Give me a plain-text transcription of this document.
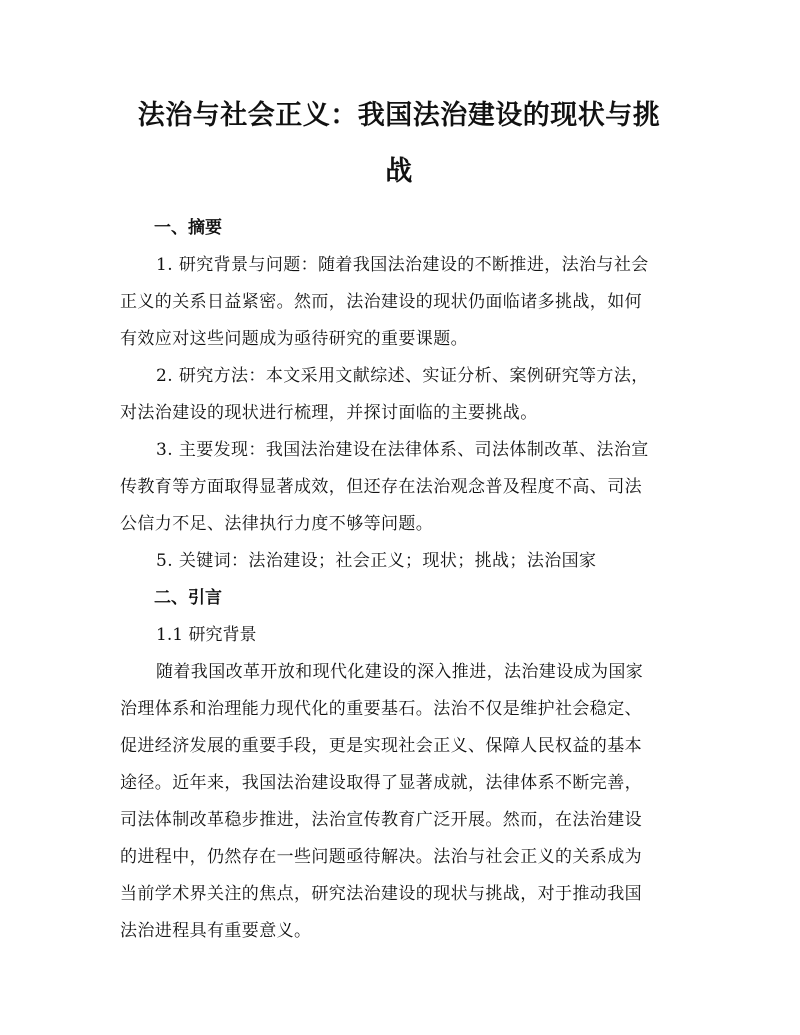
法治与社会正义：我国法治建设的现状与挑
战
一、摘要
1. 研究背景与问题：随着我国法治建设的不断推进，法治与社会
正义的关系日益紧密。然而，法治建设的现状仍面临诸多挑战，如何
有效应对这些问题成为亟待研究的重要课题。
2. 研究方法：本文采用文献综述、实证分析、案例研究等方法，
对法治建设的现状进行梳理，并探讨面临的主要挑战。
3. 主要发现：我国法治建设在法律体系、司法体制改革、法治宣
传教育等方面取得显著成效，但还存在法治观念普及程度不高、司法
公信力不足、法律执行力度不够等问题。
5. 关键词：法治建设；社会正义；现状；挑战；法治国家
二、引言
1.1 研究背景
随着我国改革开放和现代化建设的深入推进，法治建设成为国家
治理体系和治理能力现代化的重要基石。法治不仅是维护社会稳定、
促进经济发展的重要手段，更是实现社会正义、保障人民权益的基本
途径。近年来，我国法治建设取得了显著成就，法律体系不断完善，
司法体制改革稳步推进，法治宣传教育广泛开展。然而，在法治建设
的进程中，仍然存在一些问题亟待解决。法治与社会正义的关系成为
当前学术界关注的焦点，研究法治建设的现状与挑战，对于推动我国
法治进程具有重要意义。
